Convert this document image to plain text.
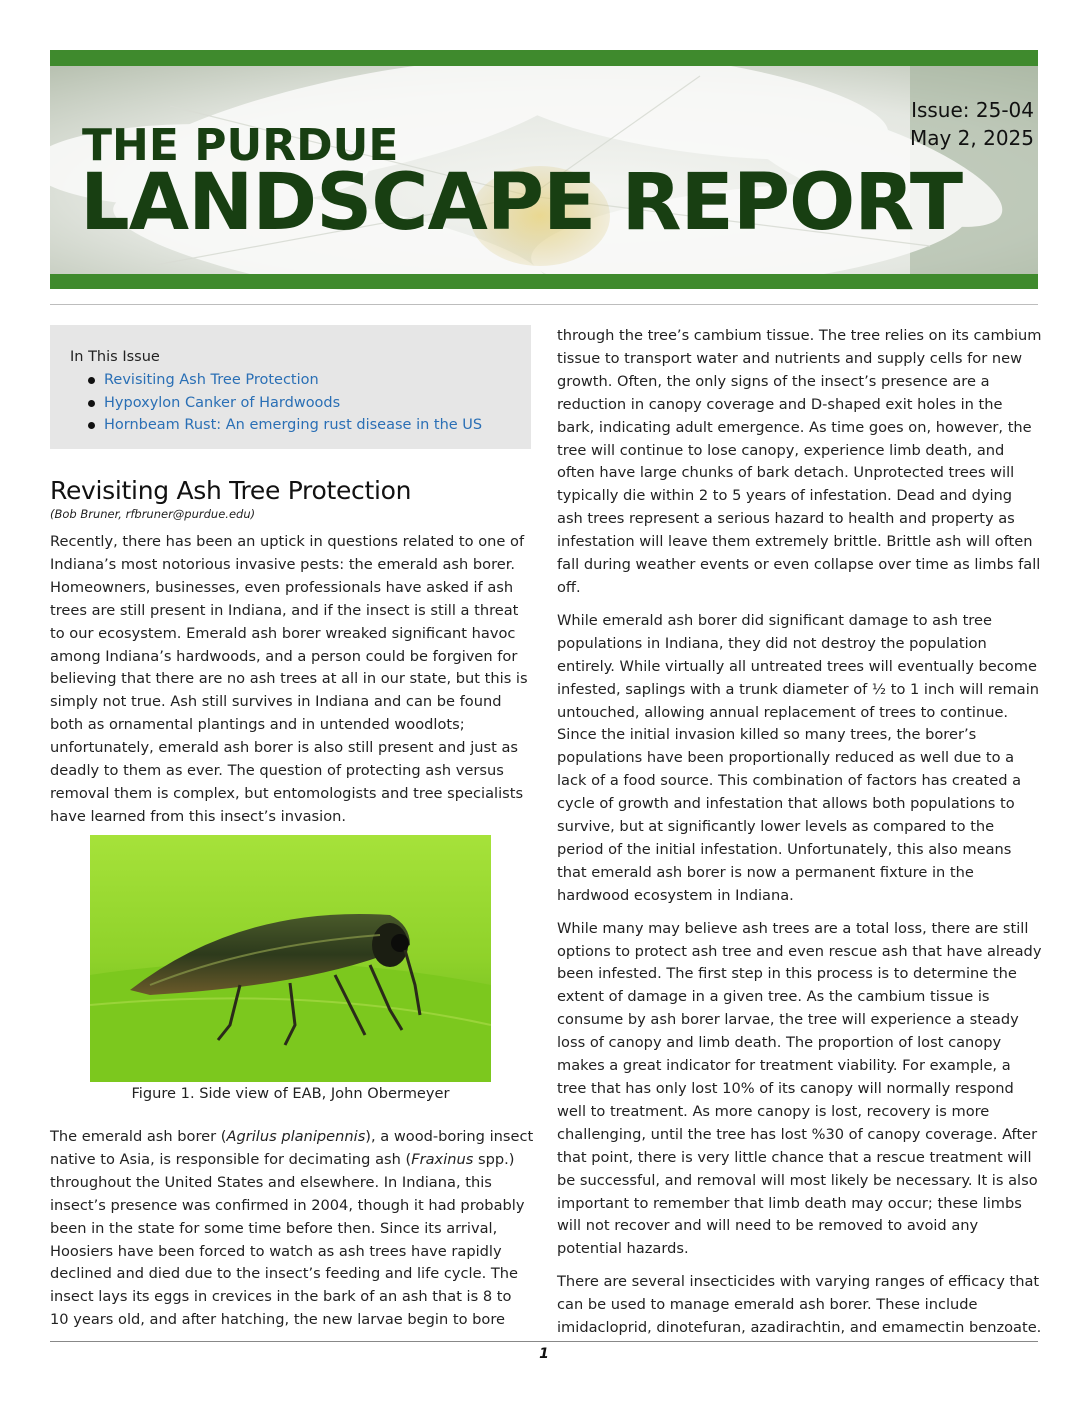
THE PURDUE
LANDSCAPE REPORT
Issue: 25-04
May 2, 2025
In This Issue
Revisiting Ash Tree Protection
Hypoxylon Canker of Hardwoods
Hornbeam Rust: An emerging rust disease in the US
Revisiting Ash Tree Protection
(Bob Bruner, rfbruner@purdue.edu)

Recently, there has been an uptick in questions related to one of Indiana’s most notorious invasive pests: the emerald ash borer. Homeowners, businesses, even professionals have asked if ash trees are still present in Indiana, and if the insect is still a threat to our ecosystem. Emerald ash borer wreaked significant havoc among Indiana’s hardwoods, and a person could be forgiven for believing that there are no ash trees at all in our state, but this is simply not true. Ash still survives in Indiana and can be found both as ornamental plantings and in untended woodlots; unfortunately, emerald ash borer is also still present and just as deadly to them as ever. The question of protecting ash versus removal them is complex, but entomologists and tree specialists have learned from this insect’s invasion.

Figure 1. Side view of EAB, John Obermeyer

The emerald ash borer (Agrilus planipennis), a wood-boring insect native to Asia, is responsible for decimating ash (Fraxinus spp.) throughout the United States and elsewhere. In Indiana, this insect’s presence was confirmed in 2004, though it had probably been in the state for some time before then. Since its arrival, Hoosiers have been forced to watch as ash trees have rapidly declined and died due to the insect’s feeding and life cycle. The insect lays its eggs in crevices in the bark of an ash that is 8 to 10 years old, and after hatching, the new larvae begin to bore

through the tree’s cambium tissue. The tree relies on its cambium tissue to transport water and nutrients and supply cells for new growth. Often, the only signs of the insect’s presence are a reduction in canopy coverage and D-shaped exit holes in the bark, indicating adult emergence. As time goes on, however, the tree will continue to lose canopy, experience limb death, and often have large chunks of bark detach. Unprotected trees will typically die within 2 to 5 years of infestation. Dead and dying ash trees represent a serious hazard to health and property as infestation will leave them extremely brittle. Brittle ash will often fall during weather events or even collapse over time as limbs fall off.

While emerald ash borer did significant damage to ash tree populations in Indiana, they did not destroy the population entirely. While virtually all untreated trees will eventually become infested, saplings with a trunk diameter of ½ to 1 inch will remain untouched, allowing annual replacement of trees to continue. Since the initial invasion killed so many trees, the borer’s populations have been proportionally reduced as well due to a lack of a food source. This combination of factors has created a cycle of growth and infestation that allows both populations to survive, but at significantly lower levels as compared to the period of the initial infestation. Unfortunately, this also means that emerald ash borer is now a permanent fixture in the hardwood ecosystem in Indiana.

While many may believe ash trees are a total loss, there are still options to protect ash tree and even rescue ash that have already been infested. The first step in this process is to determine the extent of damage in a given tree. As the cambium tissue is consume by ash borer larvae, the tree will experience a steady loss of canopy and limb death. The proportion of lost canopy makes a great indicator for treatment viability. For example, a tree that has only lost 10% of its canopy will normally respond well to treatment. As more canopy is lost, recovery is more challenging, until the tree has lost %30 of canopy coverage. After that point, there is very little chance that a rescue treatment will be successful, and removal will most likely be necessary. It is also important to remember that limb death may occur; these limbs will not recover and will need to be removed to avoid any potential hazards.

There are several insecticides with varying ranges of efficacy that can be used to manage emerald ash borer. These include imidacloprid, dinotefuran, azadirachtin, and emamectin benzoate.

1
